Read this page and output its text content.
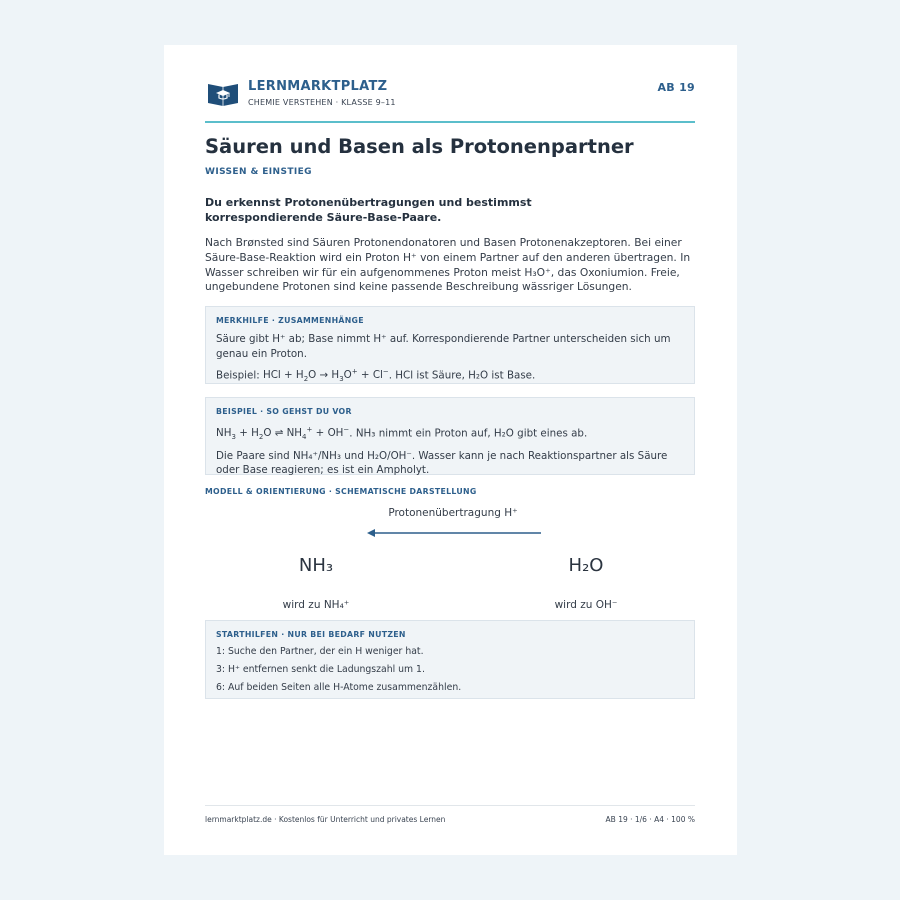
LERNMARKTPLATZ
CHEMIE VERSTEHEN · KLASSE 9–11
AB 19
Säuren und Basen als Protonenpartner
WISSEN & EINSTIEG
Du erkennst Protonenübertragungen und bestimmst korrespondierende Säure-Base-Paare.
Nach Brønsted sind Säuren Protonendonatoren und Basen Protonenakzeptoren. Bei einer Säure-Base-Reaktion wird ein Proton H⁺ von einem Partner auf den anderen übertragen. In Wasser schreiben wir für ein aufgenommenes Proton meist H₃O⁺, das Oxoniumion. Freie, ungebundene Protonen sind keine passende Beschreibung wässriger Lösungen.
MERKHILFE · ZUSAMMENHÄNGE

Säure gibt H⁺ ab; Base nimmt H⁺ auf. Korrespondierende Partner unterscheiden sich um genau ein Proton.

Beispiel: HCl + $H_2O \to H_3O^+ + Cl^-$. HCl ist Säure, H₂O ist Base.

BEISPIEL · SO GEHST DU VOR

$NH_3 + H_2O$ ⇌ $NH_4^+ + OH^-$. NH₃ nimmt ein Proton auf, H₂O gibt eines ab.

Die Paare sind NH₄⁺/NH₃ und H₂O/OH⁻. Wasser kann je nach Reaktionspartner als Säure oder Base reagieren; es ist ein Ampholyt.

MODELL & ORIENTIERUNG · SCHEMATISCHE DARSTELLUNG
Protonenübertragung H⁺
NH₃	H₂O
wird zu NH₄⁺	wird zu OH⁻
STARTHILFEN · NUR BEI BEDARF NUTZEN

1: Suche den Partner, der ein H weniger hat.

3: H⁺ entfernen senkt die Ladungszahl um 1.

6: Auf beiden Seiten alle H-Atome zusammenzählen.

lernmarktplatz.de · Kostenlos für Unterricht und privates Lernen	AB 19 · 1/6 · A4 · 100 %
